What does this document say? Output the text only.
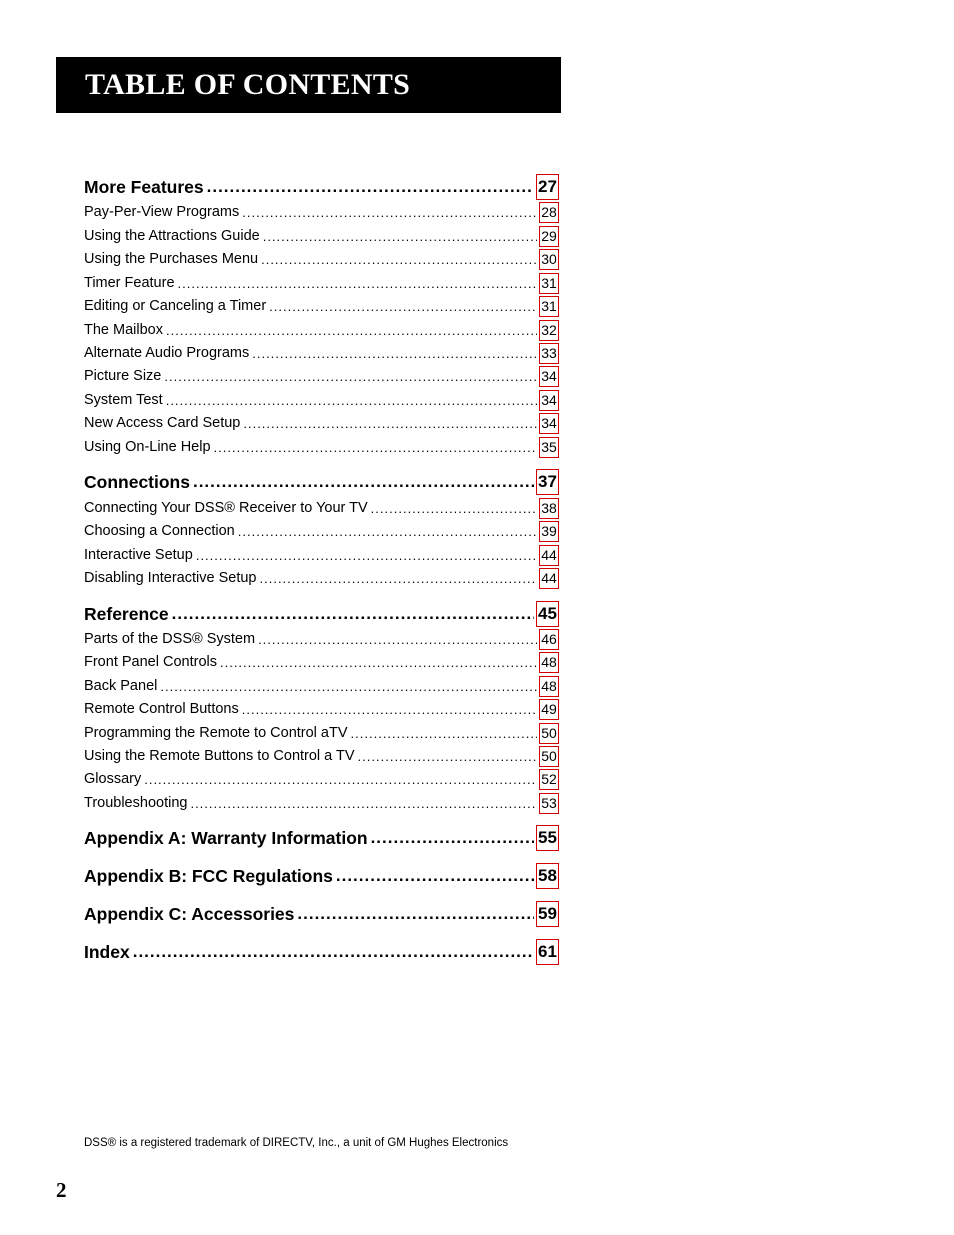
TABLE OF CONTENTS
More Features .....	27
Pay-Per-View Programs .....	28
Using the Attractions Guide .....	29
Using the Purchases Menu .....	30
Timer Feature .....	31
Editing or Canceling a Timer .....	31
The Mailbox .....	32
Alternate Audio Programs .....	33
Picture Size .....	34
System Test .....	34
New Access Card Setup .....	34
Using On-Line Help .....	35
Connections .....	37
Connecting Your DSS® Receiver to Your TV .....	38
Choosing a Connection .....	39
Interactive Setup .....	44
Disabling Interactive Setup .....	44
Reference .....	45
Parts of the DSS® System .....	46
Front Panel Controls .....	48
Back Panel .....	48
Remote Control Buttons .....	49
Programming the Remote to Control aTV .....	50
Using the Remote Buttons to Control a TV .....	50
Glossary .....	52
Troubleshooting .....	53
Appendix A: Warranty Information .....	55
Appendix B: FCC Regulations .....	58
Appendix C: Accessories .....	59
Index .....	61
DSS® is a registered trademark of DIRECTV, Inc., a unit of GM Hughes Electronics
2
